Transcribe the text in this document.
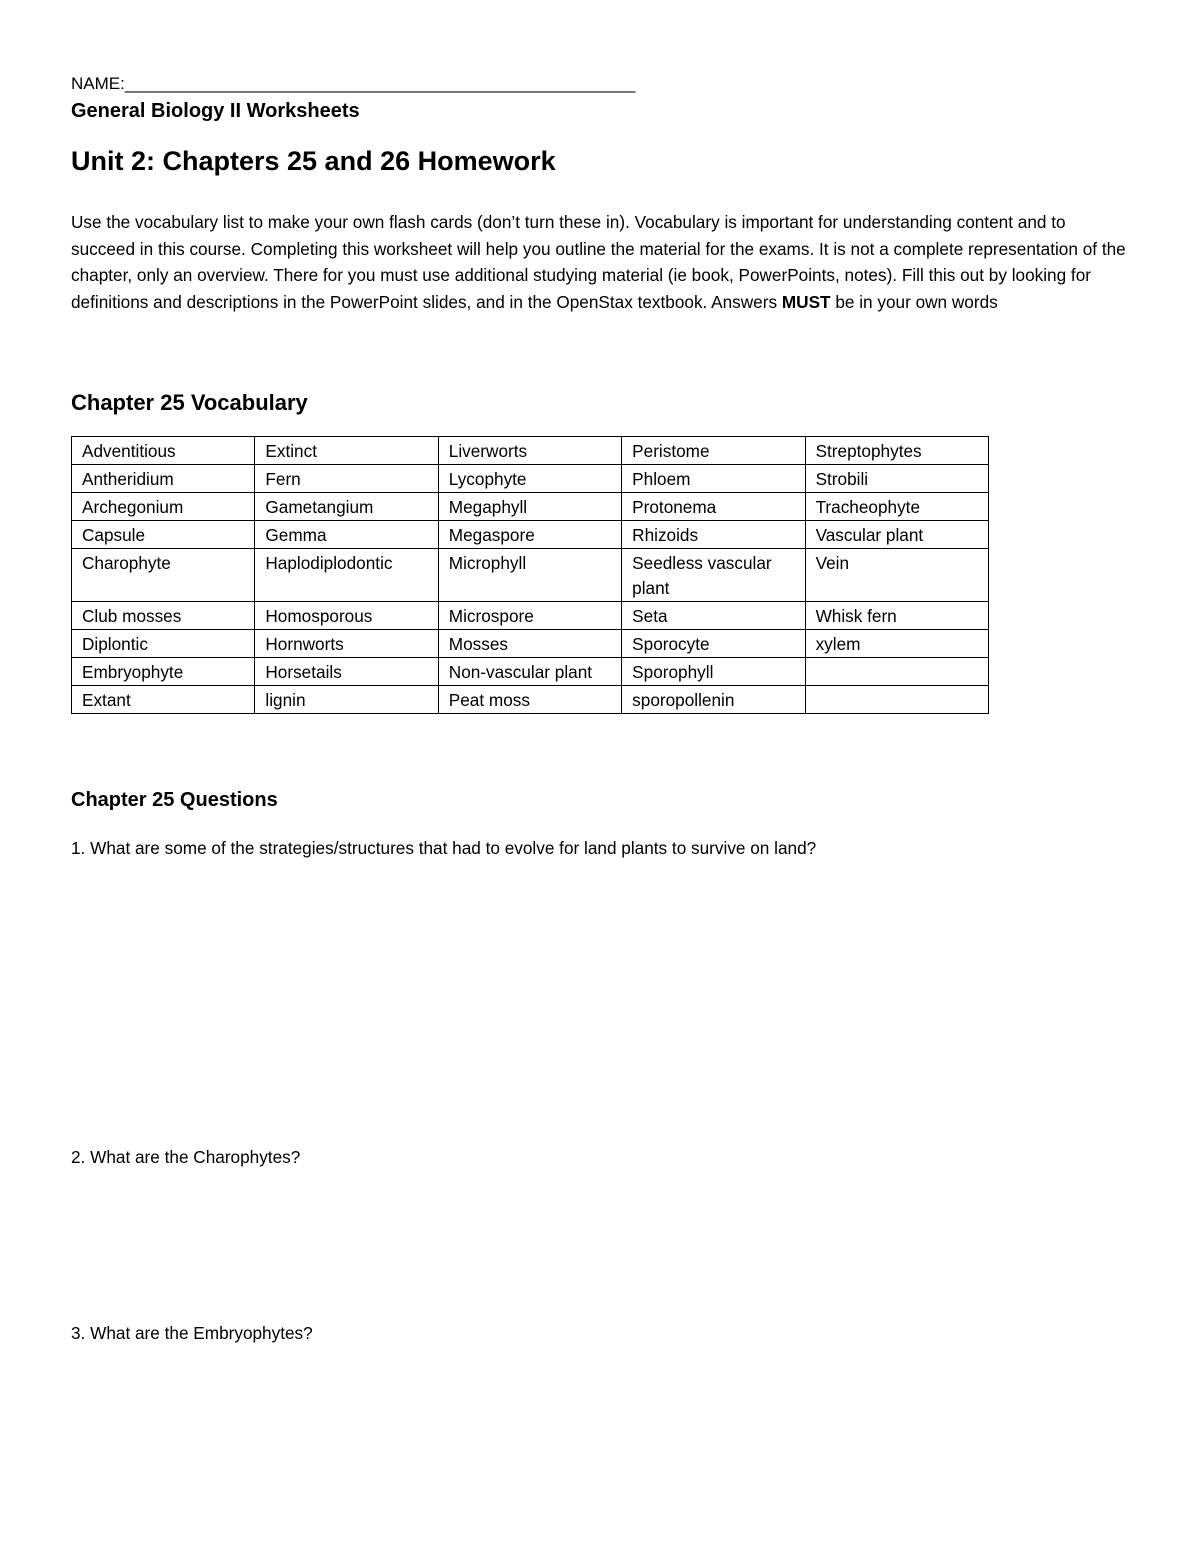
NAME:______________________________________________________
General Biology II Worksheets
Unit 2: Chapters 25 and 26 Homework
Use the vocabulary list to make your own flash cards (don’t turn these in). Vocabulary is important for understanding content and to succeed in this course. Completing this worksheet will help you outline the material for the exams. It is not a complete representation of the chapter, only an overview. There for you must use additional studying material (ie book, PowerPoints, notes). Fill this out by looking for definitions and descriptions in the PowerPoint slides, and in the OpenStax textbook. Answers MUST be in your own words
Chapter 25 Vocabulary
Adventitious	Extinct	Liverworts	Peristome	Streptophytes
Antheridium	Fern	Lycophyte	Phloem	Strobili
Archegonium	Gametangium	Megaphyll	Protonema	Tracheophyte
Capsule	Gemma	Megaspore	Rhizoids	Vascular plant
Charophyte	Haplodiplodontic	Microphyll	Seedless vascular plant	Vein
Club mosses	Homosporous	Microspore	Seta	Whisk fern
Diplontic	Hornworts	Mosses	Sporocyte	xylem
Embryophyte	Horsetails	Non-vascular plant	Sporophyll	
Extant	lignin	Peat moss	sporopollenin	
Chapter 25 Questions
1. What are some of the strategies/structures that had to evolve for land plants to survive on land?
2. What are the Charophytes?
3. What are the Embryophytes?
